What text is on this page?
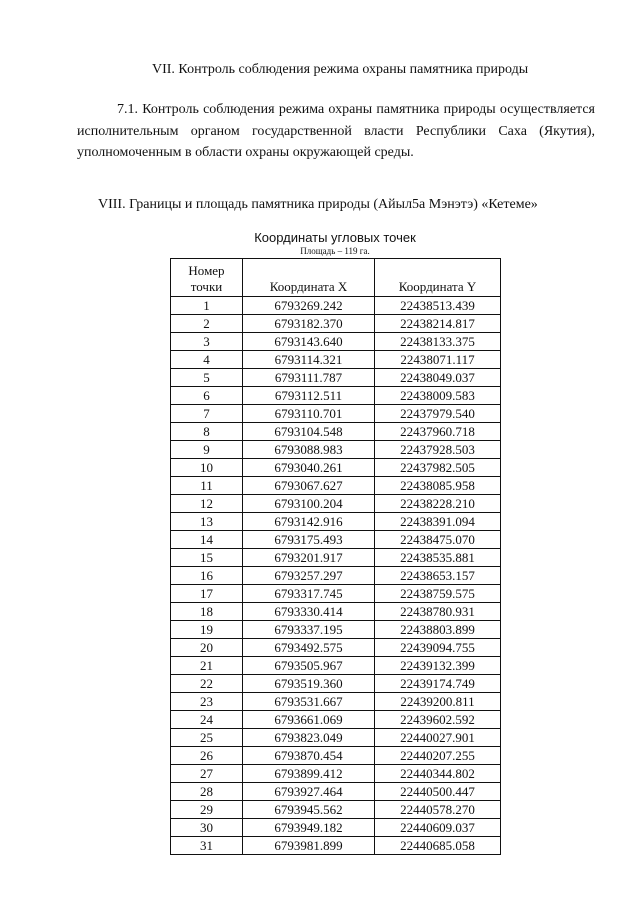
VII. Контроль соблюдения режима охраны памятника природы

7.1. Контроль соблюдения режима охраны памятника природы осуществляется исполнительным органом государственной власти Республики Саха (Якутия), уполномоченным в области охраны окружающей среды.

VIII. Границы и площадь памятника природы (Айыл5а Мэнэтэ) «Кетеме»
Координаты угловых точек
Площадь – 119 га.
Номер
точки	Координата X	Координата Y
1	6793269.242	22438513.439
2	6793182.370	22438214.817
3	6793143.640	22438133.375
4	6793114.321	22438071.117
5	6793111.787	22438049.037
6	6793112.511	22438009.583
7	6793110.701	22437979.540
8	6793104.548	22437960.718
9	6793088.983	22437928.503
10	6793040.261	22437982.505
11	6793067.627	22438085.958
12	6793100.204	22438228.210
13	6793142.916	22438391.094
14	6793175.493	22438475.070
15	6793201.917	22438535.881
16	6793257.297	22438653.157
17	6793317.745	22438759.575
18	6793330.414	22438780.931
19	6793337.195	22438803.899
20	6793492.575	22439094.755
21	6793505.967	22439132.399
22	6793519.360	22439174.749
23	6793531.667	22439200.811
24	6793661.069	22439602.592
25	6793823.049	22440027.901
26	6793870.454	22440207.255
27	6793899.412	22440344.802
28	6793927.464	22440500.447
29	6793945.562	22440578.270
30	6793949.182	22440609.037
31	6793981.899	22440685.058
